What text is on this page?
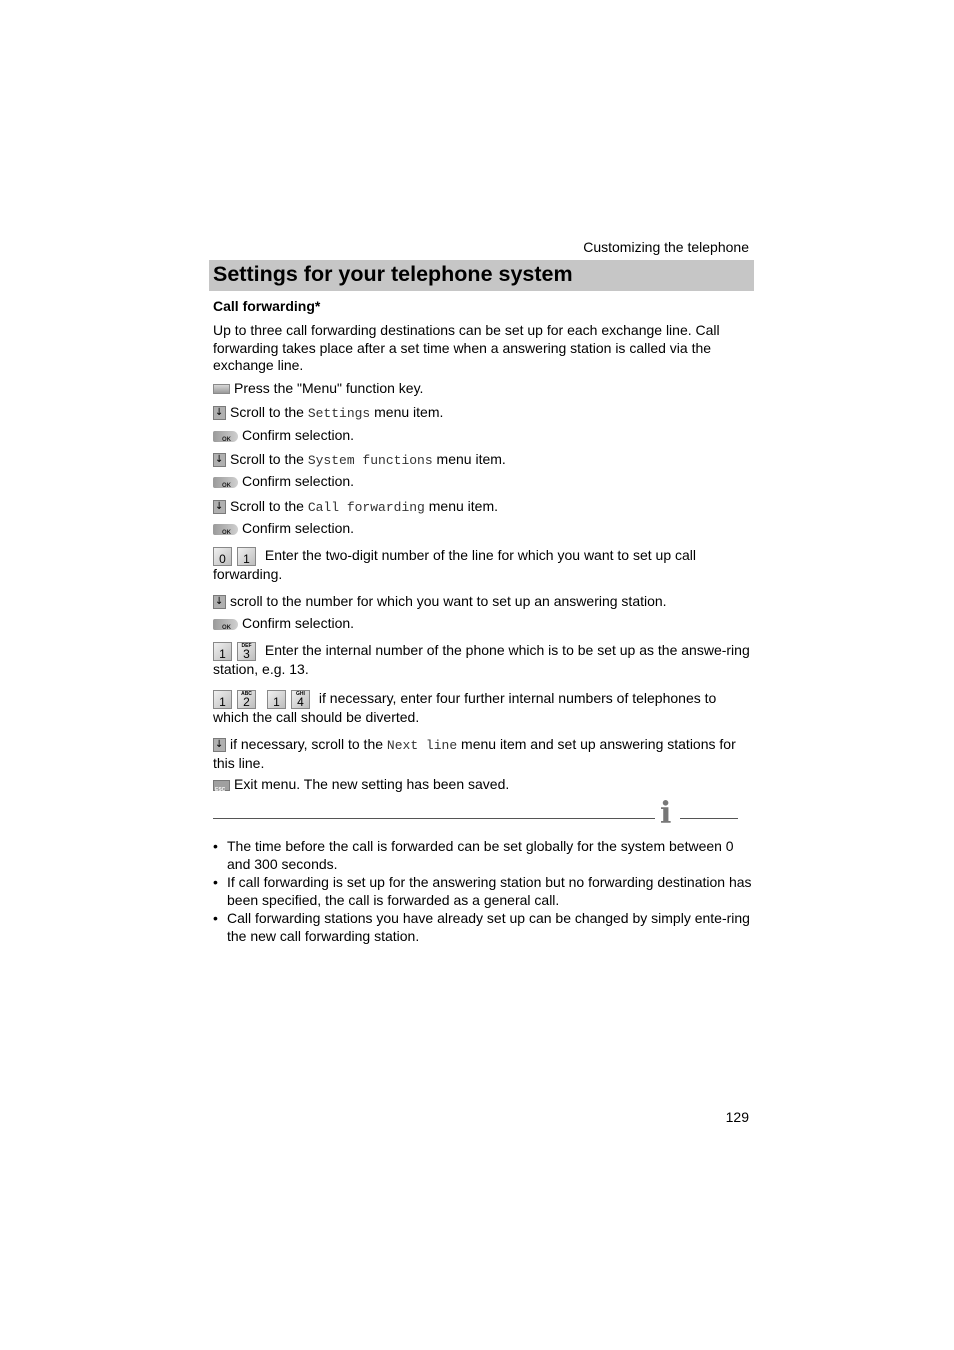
Customizing the telephone
Settings for your telephone system
Call forwarding*
Up to three call forwarding destinations can be set up for each exchange line. Call forwarding takes place after a set time when a answering station is called via the exchange line.
Press the "Menu" function key.
↓Scroll to the Settings menu item.
OKConfirm selection.
↓Scroll to the System functions menu item.
OKConfirm selection.
↓Scroll to the Call forwarding menu item.
OKConfirm selection.
0 1 Enter the two-digit number of the line for which you want to set up call forwarding.
↓scroll to the number for which you want to set up an answering station.
OKConfirm selection.
1
DEF
3 Enter the internal number of the phone which is to be set up as the answe-ring station, e.g. 13.
1
ABC
2 1
GHI
4 if necessary, enter four further internal numbers of telephones to which the call should be diverted.
↓if necessary, scroll to the Next line menu item and set up answering stations for this line.
ESCExit menu. The new setting has been saved.
i
• The time before the call is forwarded can be set globally for the system between 0 and 300 seconds.
• If call forwarding is set up for the answering station but no forwarding destination has been specified, the call is forwarded as a general call.
• Call forwarding stations you have already set up can be changed by simply ente-ring the new call forwarding station.
129
